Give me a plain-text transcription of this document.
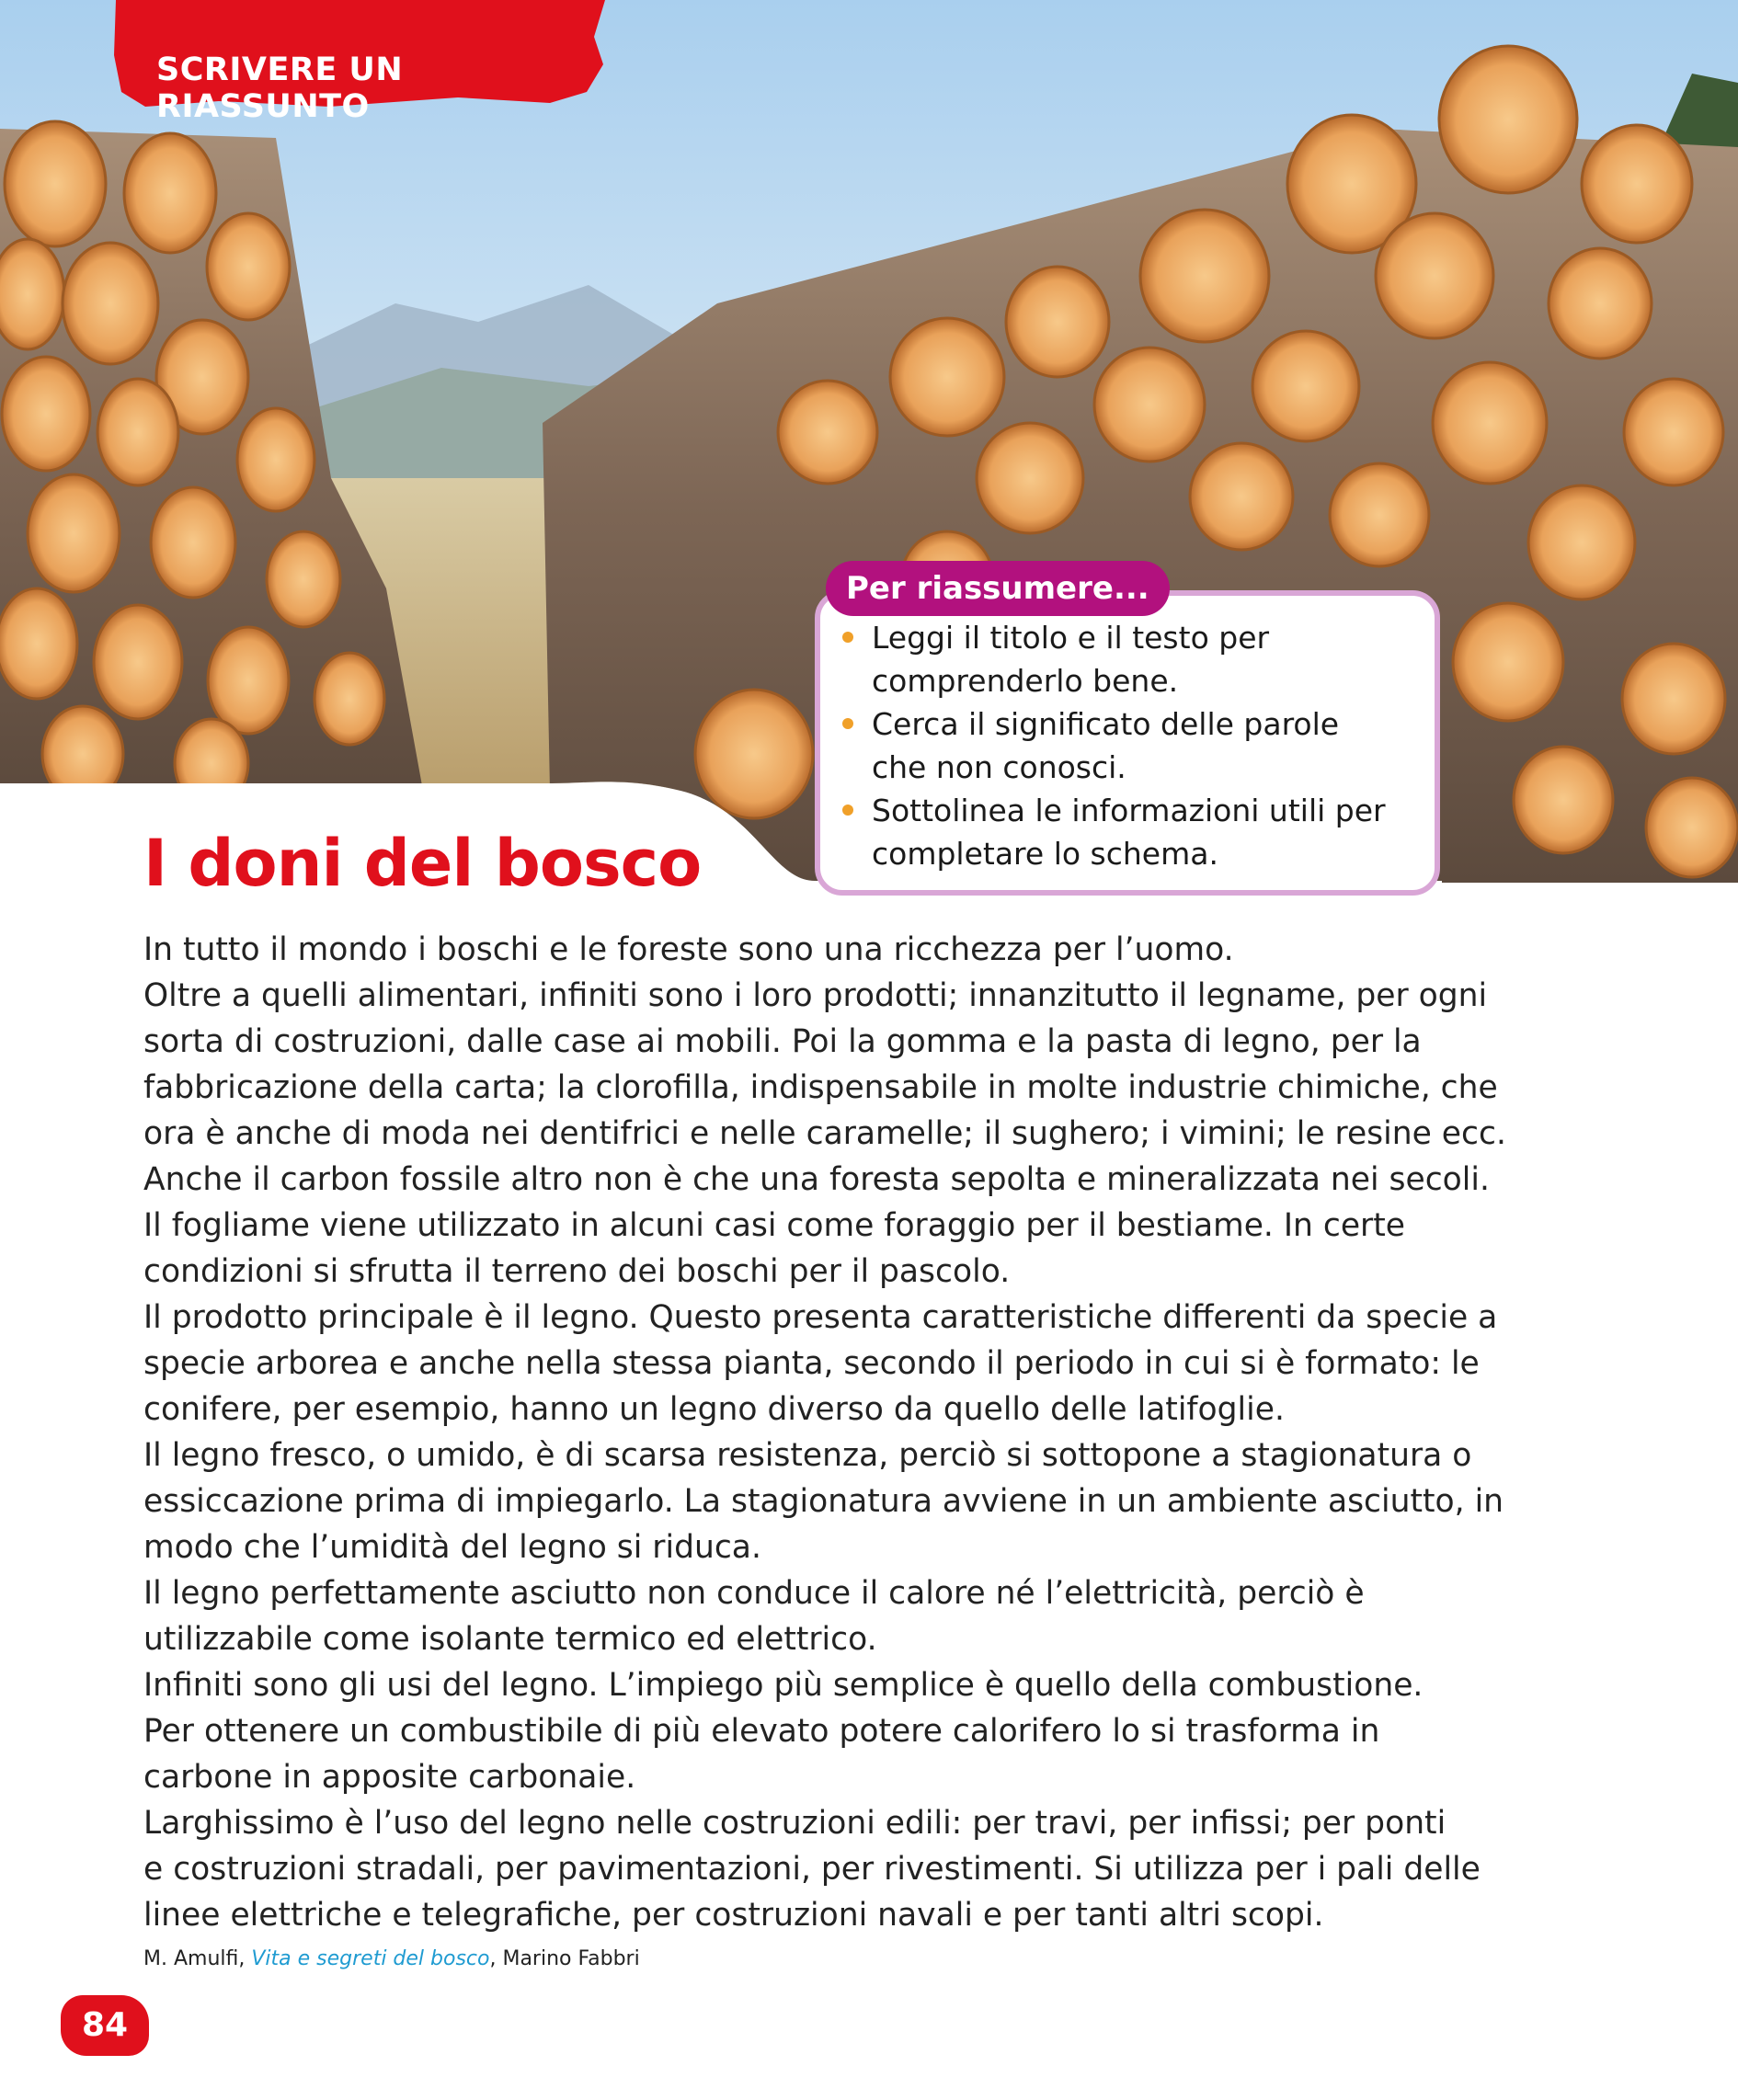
SCRIVERE UN RIASSUNTO
Leggi il titolo e il testo per
comprenderlo bene.
Cerca il significato delle parole
che non conosci.
Sottolinea le informazioni utili per
completare lo schema.
Per riassumere...
I doni del bosco
In tutto il mondo i boschi e le foreste sono una ricchezza per l’uomo.
Oltre a quelli alimentari, infiniti sono i loro prodotti; innanzitutto il legname, per ogni
sorta di costruzioni, dalle case ai mobili. Poi la gomma e la pasta di legno, per la
fabbricazione della carta; la clorofilla, indispensabile in molte industrie chimiche, che
ora è anche di moda nei dentifrici e nelle caramelle; il sughero; i vimini; le resine ecc.
Anche il carbon fossile altro non è che una foresta sepolta e mineralizzata nei secoli.
Il fogliame viene utilizzato in alcuni casi come foraggio per il bestiame. In certe
condizioni si sfrutta il terreno dei boschi per il pascolo.
Il prodotto principale è il legno. Questo presenta caratteristiche differenti da specie a
specie arborea e anche nella stessa pianta, secondo il periodo in cui si è formato: le
conifere, per esempio, hanno un legno diverso da quello delle latifoglie.
Il legno fresco, o umido, è di scarsa resistenza, perciò si sottopone a stagionatura o
essiccazione prima di impiegarlo. La stagionatura avviene in un ambiente asciutto, in
modo che l’umidità del legno si riduca.
Il legno perfettamente asciutto non conduce il calore né l’elettricità, perciò è
utilizzabile come isolante termico ed elettrico.
Infiniti sono gli usi del legno. L’impiego più semplice è quello della combustione.
Per ottenere un combustibile di più elevato potere calorifero lo si trasforma in
carbone in apposite carbonaie.
Larghissimo è l’uso del legno nelle costruzioni edili: per travi, per infissi; per ponti
e costruzioni stradali, per pavimentazioni, per rivestimenti. Si utilizza per i pali delle
linee elettriche e telegrafiche, per costruzioni navali e per tanti altri scopi.
M. Amulfi, Vita e segreti del bosco, Marino Fabbri
84
